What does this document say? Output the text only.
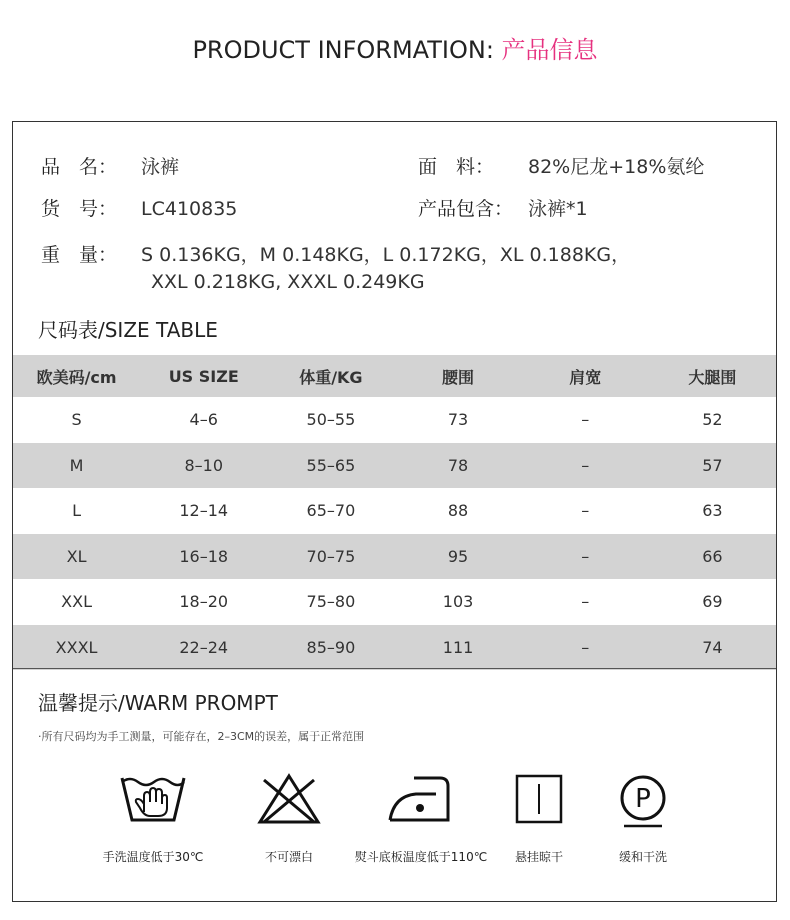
PRODUCT INFORMATION: 产品信息
品　名： 泳裤	面　料： 82%尼龙+18%氨纶
货　号： LC410835	产品包含： 泳裤*1
重　量： S 0.136KG，M 0.148KG，L 0.172KG，XL 0.188KG，
XXL 0.218KG, XXXL 0.249KG
尺码表/SIZE TABLE
欧美码/cm	US SIZE	体重/KG	腰围	肩宽	大腿围
S	4–6	50–55	73	–	52
M	8–10	55–65	78	–	57
L	12–14	65–70	88	–	63
XL	16–18	70–75	95	–	66
XXL	18–20	75–80	103	–	69
XXXL	22–24	85–90	111	–	74
温馨提示/WARM PROMPT
·所有尺码均为手工测量，可能存在，2–3CM的误差，属于正常范围
手洗温度低于30℃	不可漂白	熨斗底板温度低于110℃	悬挂晾干
P
缓和干洗
